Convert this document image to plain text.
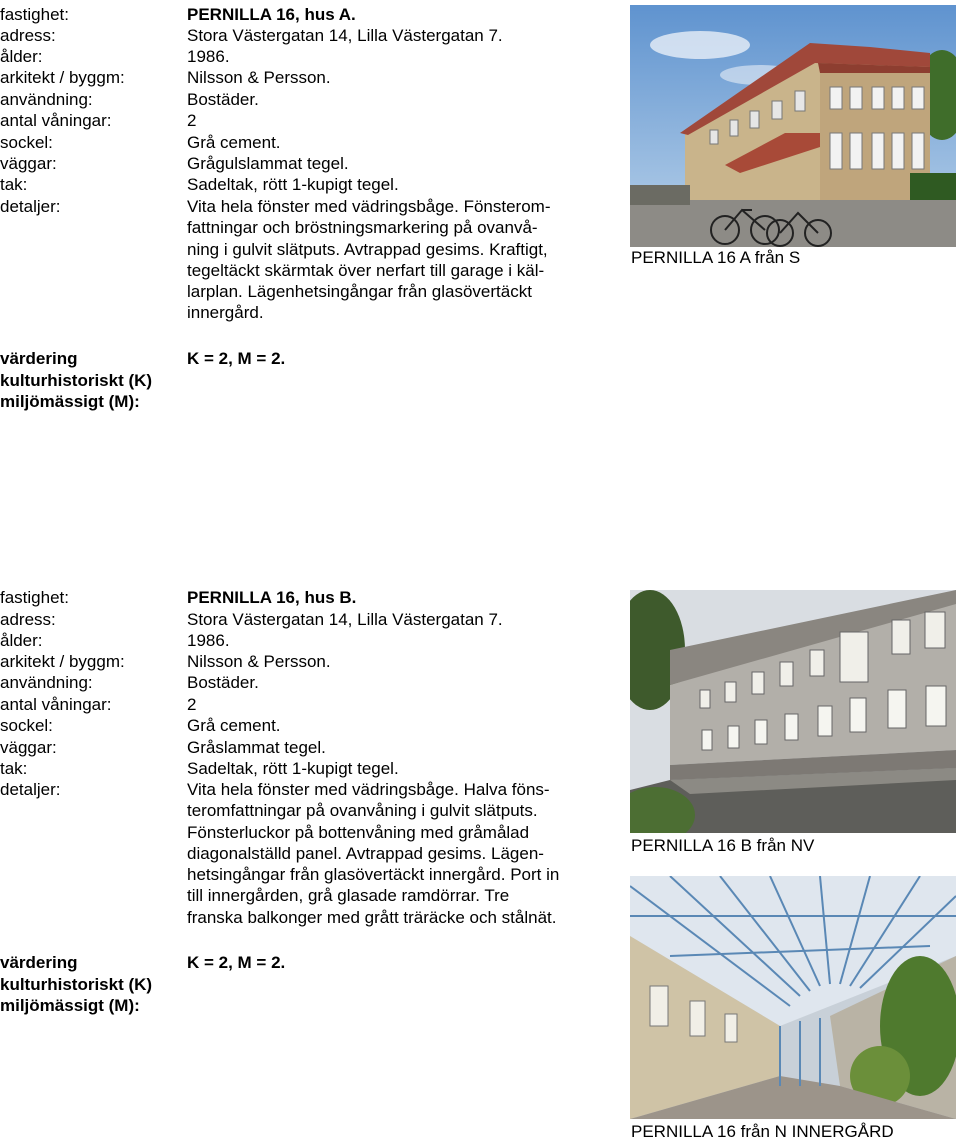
fastighet:	PERNILLA 16, hus A.
adress:	Stora Västergatan 14, Lilla Västergatan 7.
ålder:	1986.
arkitekt / byggm:	Nilsson & Persson.
användning:	Bostäder.
antal våningar:	2
sockel:	Grå cement.
väggar:	Grågulslammat tegel.
tak:	Sadeltak, rött 1-kupigt tegel.
detaljer:	Vita hela fönster med vädringsbåge. Fönsterom-
fattningar och bröstningsmarkering på ovanvå-
ning i gulvit slätputs. Avtrappad gesims. Kraftigt,
tegeltäckt skärmtak över nerfart till garage i käl-
larplan. Lägenhetsingångar från glasövertäckt
innergård.
värdering
kulturhistoriskt (K)
miljömässigt (M):
K = 2, M = 2.
PERNILLA 16 A från S
fastighet:	PERNILLA 16, hus B.
adress:	Stora Västergatan 14, Lilla Västergatan 7.
ålder:	1986.
arkitekt / byggm:	Nilsson & Persson.
användning:	Bostäder.
antal våningar:	2
sockel:	Grå cement.
väggar:	Gråslammat tegel.
tak:	Sadeltak, rött 1-kupigt tegel.
detaljer:	Vita hela fönster med vädringsbåge. Halva föns-
teromfattningar på ovanvåning i gulvit slätputs.
Fönsterluckor på bottenvåning med gråmålad
diagonalställd panel. Avtrappad gesims. Lägen-
hetsingångar från glasövertäckt innergård. Port in
till innergården, grå glasade ramdörrar. Tre
franska balkonger med grått träräcke och stålnät.
värdering
kulturhistoriskt (K)
miljömässigt (M):
K = 2, M = 2.
PERNILLA 16 B från NV
PERNILLA 16 från N INNERGÅRD
